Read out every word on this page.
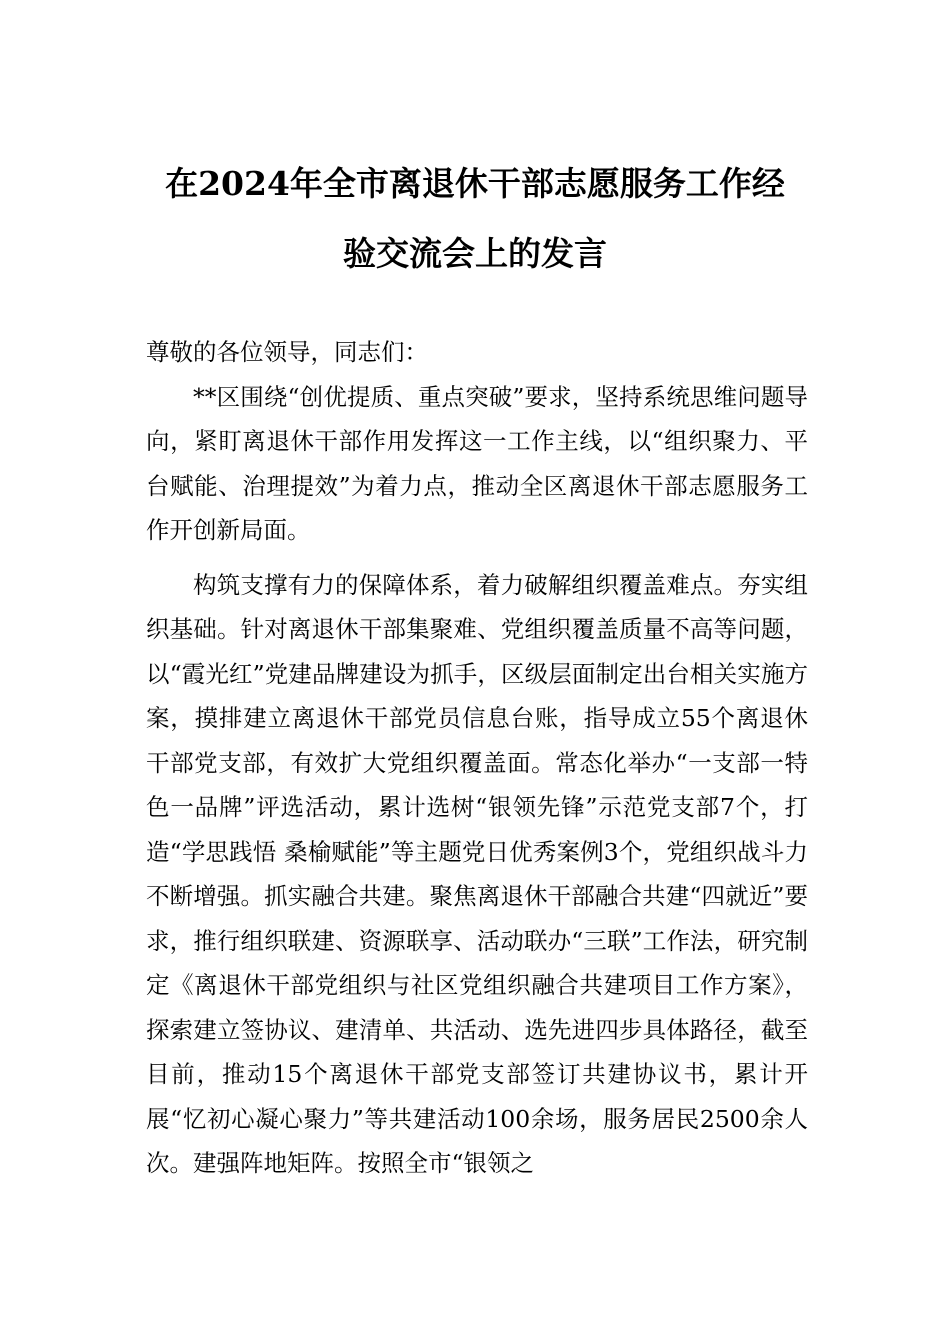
在2024年全市离退休干部志愿服务工作经
验交流会上的发言

尊敬的各位领导，同志们：

**区围绕“创优提质、重点突破”要求，坚持系统思维问题导向，紧盯离退休干部作用发挥这一工作主线，以“组织聚力、平台赋能、治理提效”为着力点，推动全区离退休干部志愿服务工作开创新局面。

构筑支撑有力的保障体系，着力破解组织覆盖难点。夯实组织基础。针对离退休干部集聚难、党组织覆盖质量不高等问题，以“霞光红”党建品牌建设为抓手，区级层面制定出台相关实施方案，摸排建立离退休干部党员信息台账，指导成立55个离退休干部党支部，有效扩大党组织覆盖面。常态化举办“一支部一特色一品牌”评选活动，累计选树“银领先锋”示范党支部7个，打造“学思践悟 桑榆赋能”等主题党日优秀案例3个，党组织战斗力不断增强。抓实融合共建。聚焦离退休干部融合共建“四就近”要求，推行组织联建、资源联享、活动联办“三联”工作法，研究制定《离退休干部党组织与社区党组织融合共建项目工作方案》，探索建立签协议、建清单、共活动、选先进四步具体路径，截至目前，推动15个离退休干部党支部签订共建协议书，累计开展“忆初心凝心聚力”等共建活动100余场，服务居民2500余人次。建强阵地矩阵。按照全市“银领之
